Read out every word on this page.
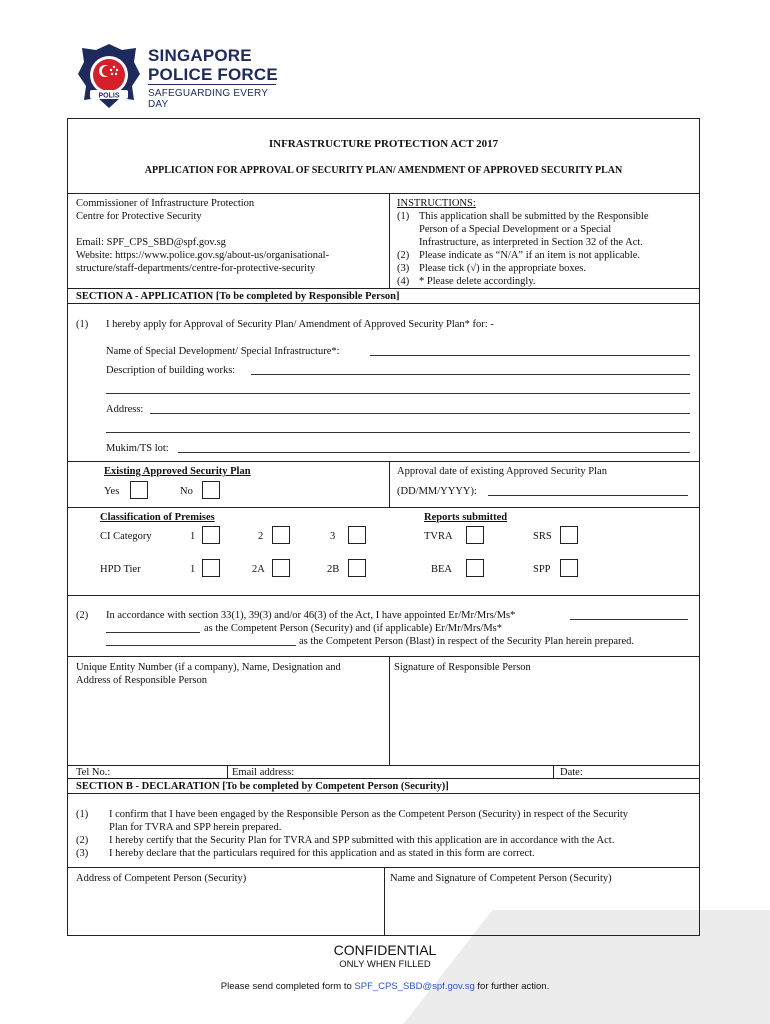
POLIS
SINGAPORE
POLICE FORCE
SAFEGUARDING EVERY DAY
INFRASTRUCTURE PROTECTION ACT 2017
APPLICATION FOR APPROVAL OF SECURITY PLAN/ AMENDMENT OF APPROVED SECURITY PLAN
Commissioner of Infrastructure Protection
Centre for Protective Security
Email: SPF_CPS_SBD@spf.gov.sg
Website: https://www.police.gov.sg/about-us/organisational-
structure/staff-departments/centre-for-protective-security
INSTRUCTIONS:
(1) This application shall be submitted by the Responsible
Person of a Special Development or a Special
Infrastructure, as interpreted in Section 32 of the Act.
(2) Please indicate as “N/A” if an item is not applicable.
(3) Please tick (√) in the appropriate boxes.
(4) * Please delete accordingly.
SECTION A - APPLICATION [To be completed by Responsible Person]
(1) I hereby apply for Approval of Security Plan/ Amendment of Approved Security Plan* for: -
Name of Special Development/ Special Infrastructure*:
Description of building works:
Address:
Mukim/TS lot:
Existing Approved Security Plan
Yes	No
Approval date of existing Approved Security Plan
(DD/MM/YYYY):
Classification of Premises	Reports submitted
CI Category	1	2	3	TVRA	SRS
HPD Tier	1	2A	2B	BEA	SPP
(2) In accordance with section 33(1), 39(3) and/or 46(3) of the Act, I have appointed Er/Mr/Mrs/Ms*
as the Competent Person (Security) and (if applicable) Er/Mr/Mrs/Ms*
as the Competent Person (Blast) in respect of the Security Plan herein prepared.
Unique Entity Number (if a company), Name, Designation and
Address of Responsible Person
Signature of Responsible Person
Tel No.:	Email address:	Date:
SECTION B - DECLARATION [To be completed by Competent Person (Security)]
(1) I confirm that I have been engaged by the Responsible Person as the Competent Person (Security) in respect of the Security
Plan for TVRA and SPP herein prepared.
(2) I hereby certify that the Security Plan for TVRA and SPP submitted with this application are in accordance with the Act.
(3) I hereby declare that the particulars required for this application and as stated in this form are correct.
Address of Competent Person (Security)	Name and Signature of Competent Person (Security)
CONFIDENTIAL
ONLY WHEN FILLED
Please send completed form to SPF_CPS_SBD@spf.gov.sg for further action.
